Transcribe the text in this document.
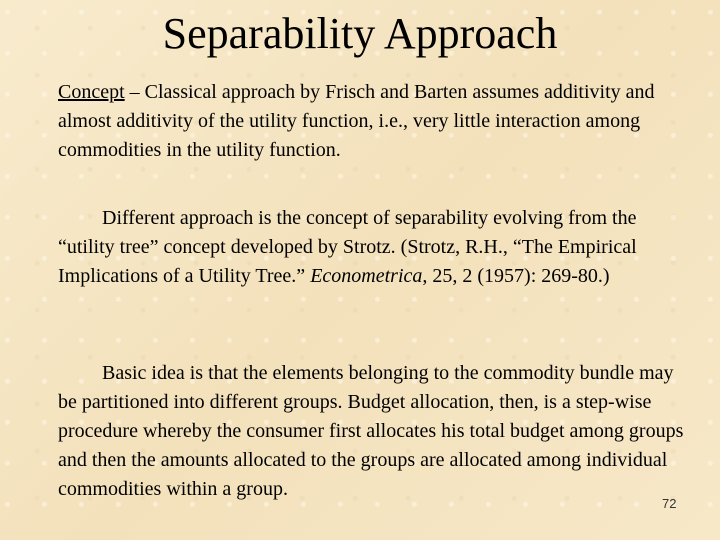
Separability Approach
Concept – Classical approach by Frisch and Barten assumes additivity and almost additivity of the utility function, i.e., very little interaction among commodities in the utility function.
Different approach is the concept of separability evolving from the “utility tree” concept developed by Strotz. (Strotz, R.H., “The Empirical Implications of a Utility Tree.” Econometrica, 25, 2 (1957): 269-80.)
Basic idea is that the elements belonging to the commodity bundle may be partitioned into different groups. Budget allocation, then, is a step-wise procedure whereby the consumer first allocates his total budget among groups and then the amounts allocated to the groups are allocated among individual commodities within a group.
72
